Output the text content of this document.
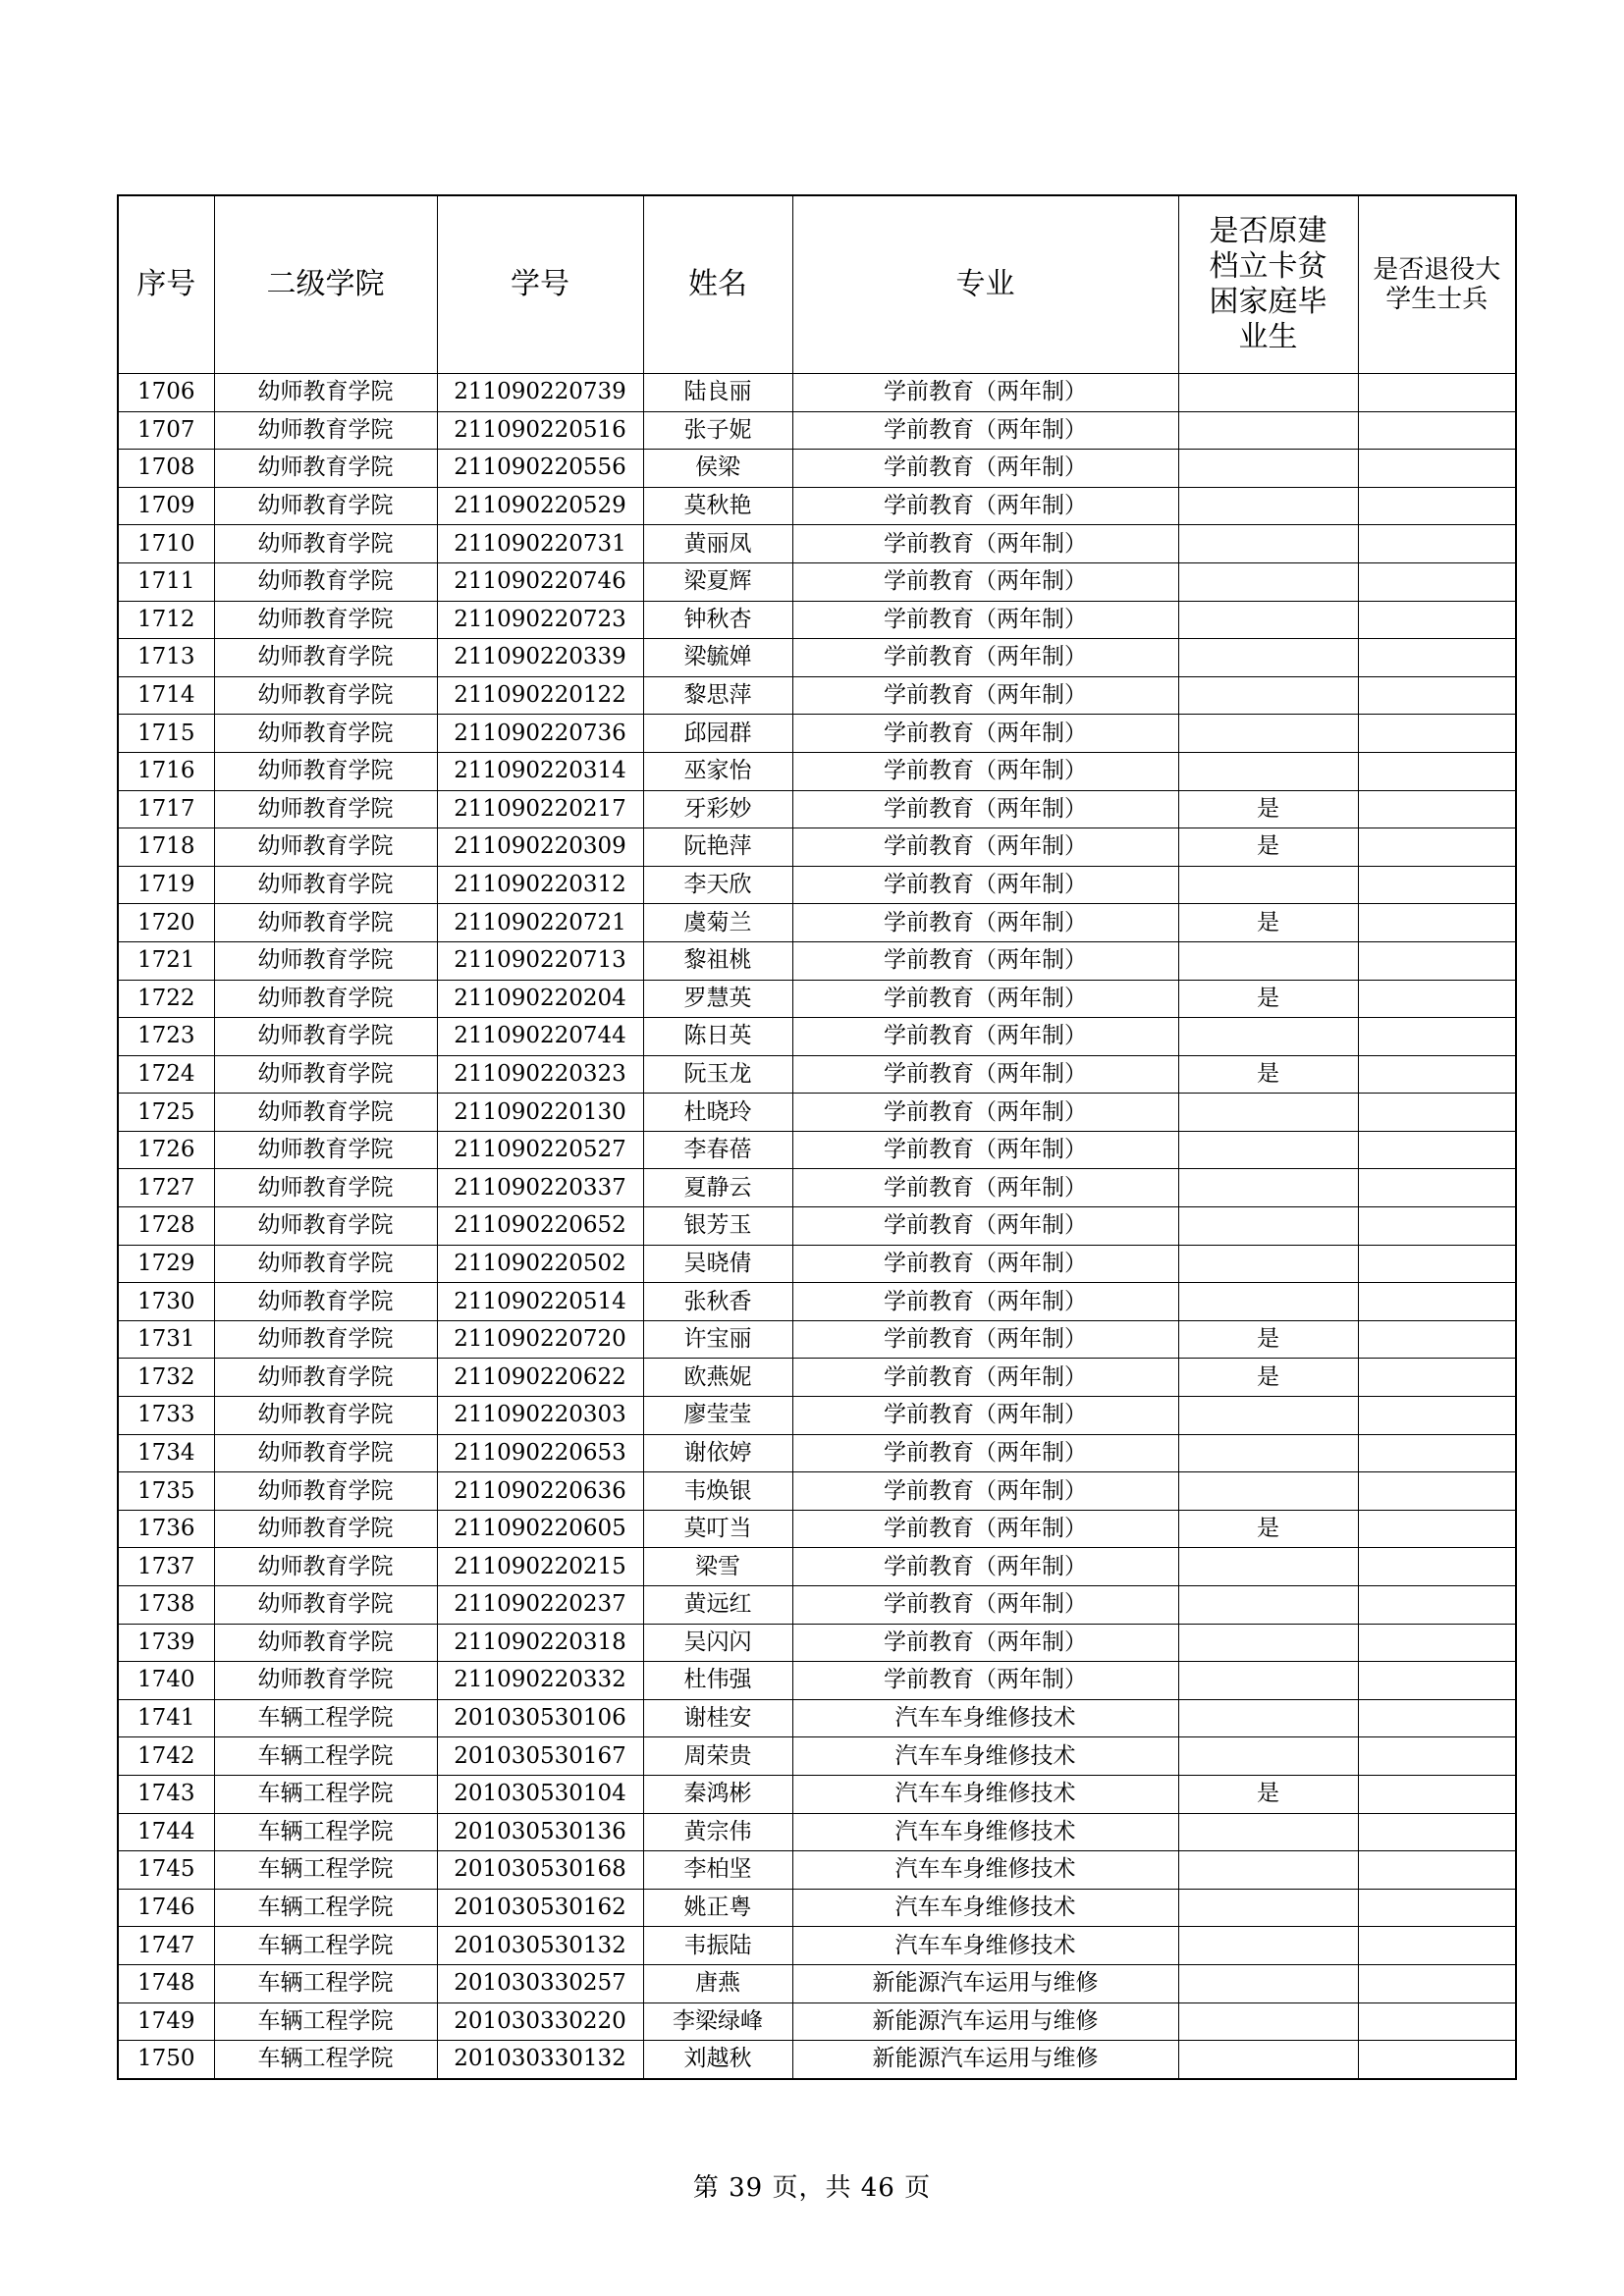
序号	二级学院	学号	姓名	专业	是否原建档立卡贫困家庭毕业生	是否退役大学生士兵

1706	幼师教育学院	211090220739	陆良丽	学前教育（两年制）		
1707	幼师教育学院	211090220516	张子妮	学前教育（两年制）		
1708	幼师教育学院	211090220556	侯梁	学前教育（两年制）		
1709	幼师教育学院	211090220529	莫秋艳	学前教育（两年制）		
1710	幼师教育学院	211090220731	黄丽凤	学前教育（两年制）		
1711	幼师教育学院	211090220746	梁夏辉	学前教育（两年制）		
1712	幼师教育学院	211090220723	钟秋杏	学前教育（两年制）		
1713	幼师教育学院	211090220339	梁毓婵	学前教育（两年制）		
1714	幼师教育学院	211090220122	黎思萍	学前教育（两年制）		
1715	幼师教育学院	211090220736	邱园群	学前教育（两年制）		
1716	幼师教育学院	211090220314	巫家怡	学前教育（两年制）		
1717	幼师教育学院	211090220217	牙彩妙	学前教育（两年制）	是	
1718	幼师教育学院	211090220309	阮艳萍	学前教育（两年制）	是	
1719	幼师教育学院	211090220312	李天欣	学前教育（两年制）		
1720	幼师教育学院	211090220721	虞菊兰	学前教育（两年制）	是	
1721	幼师教育学院	211090220713	黎祖桃	学前教育（两年制）		
1722	幼师教育学院	211090220204	罗慧英	学前教育（两年制）	是	
1723	幼师教育学院	211090220744	陈日英	学前教育（两年制）		
1724	幼师教育学院	211090220323	阮玉龙	学前教育（两年制）	是	
1725	幼师教育学院	211090220130	杜晓玲	学前教育（两年制）		
1726	幼师教育学院	211090220527	李春蓓	学前教育（两年制）		
1727	幼师教育学院	211090220337	夏静云	学前教育（两年制）		
1728	幼师教育学院	211090220652	银芳玉	学前教育（两年制）		
1729	幼师教育学院	211090220502	吴晓倩	学前教育（两年制）		
1730	幼师教育学院	211090220514	张秋香	学前教育（两年制）		
1731	幼师教育学院	211090220720	许宝丽	学前教育（两年制）	是	
1732	幼师教育学院	211090220622	欧燕妮	学前教育（两年制）	是	
1733	幼师教育学院	211090220303	廖莹莹	学前教育（两年制）		
1734	幼师教育学院	211090220653	谢依婷	学前教育（两年制）		
1735	幼师教育学院	211090220636	韦焕银	学前教育（两年制）		
1736	幼师教育学院	211090220605	莫叮当	学前教育（两年制）	是	
1737	幼师教育学院	211090220215	梁雪	学前教育（两年制）		
1738	幼师教育学院	211090220237	黄远红	学前教育（两年制）		
1739	幼师教育学院	211090220318	吴闪闪	学前教育（两年制）		
1740	幼师教育学院	211090220332	杜伟强	学前教育（两年制）		
1741	车辆工程学院	201030530106	谢桂安	汽车车身维修技术		
1742	车辆工程学院	201030530167	周荣贵	汽车车身维修技术		
1743	车辆工程学院	201030530104	秦鸿彬	汽车车身维修技术	是	
1744	车辆工程学院	201030530136	黄宗伟	汽车车身维修技术		
1745	车辆工程学院	201030530168	李柏坚	汽车车身维修技术		
1746	车辆工程学院	201030530162	姚正粤	汽车车身维修技术		
1747	车辆工程学院	201030530132	韦振陆	汽车车身维修技术		
1748	车辆工程学院	201030330257	唐燕	新能源汽车运用与维修		
1749	车辆工程学院	201030330220	李梁绿峰	新能源汽车运用与维修		
1750	车辆工程学院	201030330132	刘越秋	新能源汽车运用与维修		
第 39 页，共 46 页
